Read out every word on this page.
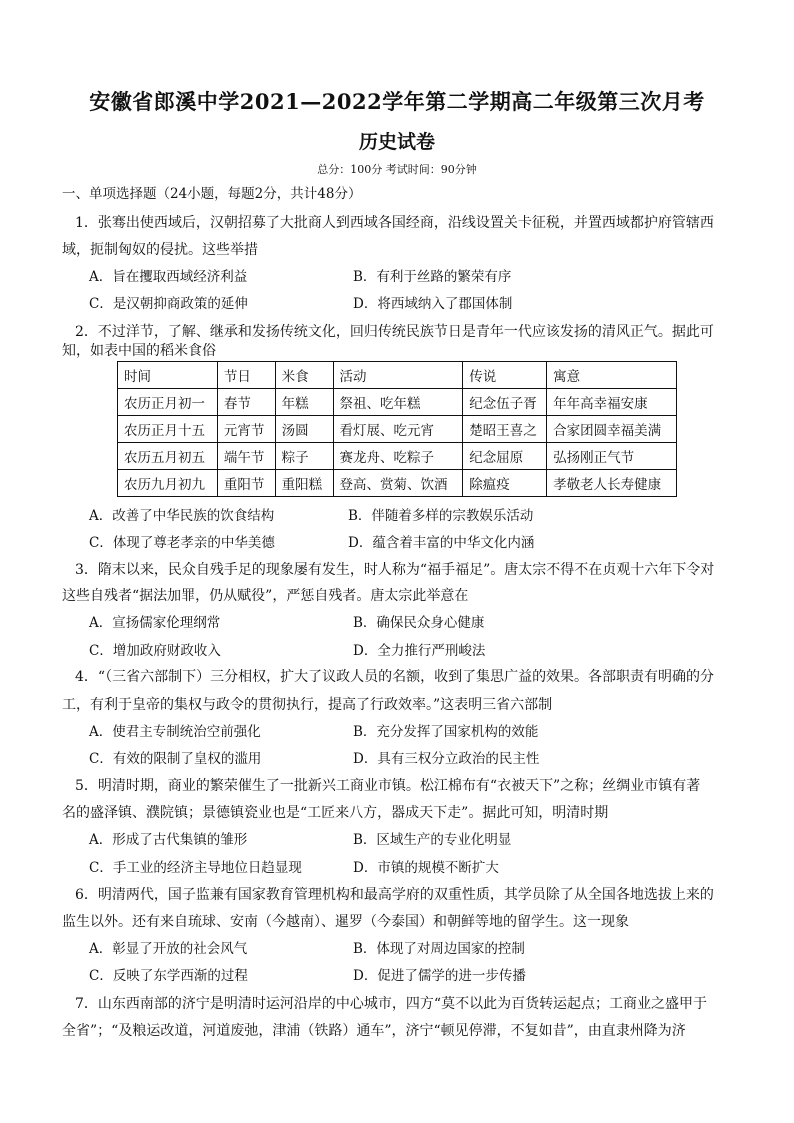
安徽省郎溪中学2021—2022学年第二学期高二年级第三次月考
历史试卷
总分：100分 考试时间：90分钟
一、单项选择题（24小题，每题2分，共计48分）
1．张骞出使西域后，汉朝招募了大批商人到西域各国经商，沿线设置关卡征税，并置西域都护府管辖西
域，扼制匈奴的侵扰。这些举措
A．旨在攫取西域经济利益	B．有利于丝路的繁荣有序
C．是汉朝抑商政策的延伸	D．将西域纳入了郡国体制
2．不过洋节，了解、继承和发扬传统文化，回归传统民族节日是青年一代应该发扬的清风正气。据此可
知，如表中国的稻米食俗
时间	节日	米食	活动	传说	寓意
农历正月初一	春节	年糕	祭祖、吃年糕	纪念伍子胥	年年高幸福安康
农历正月十五	元宵节	汤圆	看灯展、吃元宵	楚昭王喜之	合家团圆幸福美满
农历五月初五	端午节	粽子	赛龙舟、吃粽子	纪念屈原	弘扬刚正气节
农历九月初九	重阳节	重阳糕	登高、赏菊、饮酒	除瘟疫	孝敬老人长寿健康
A．改善了中华民族的饮食结构	B．伴随着多样的宗教娱乐活动
C．体现了尊老孝亲的中华美德	D．蕴含着丰富的中华文化内涵
3．隋末以来，民众自残手足的现象屡有发生，时人称为“福手福足”。唐太宗不得不在贞观十六年下令对
这些自残者“据法加罪，仍从赋役”，严惩自残者。唐太宗此举意在
A．宣扬儒家伦理纲常	B．确保民众身心健康
C．增加政府财政收入	D．全力推行严刑峻法
4．“（三省六部制下）三分相权，扩大了议政人员的名额，收到了集思广益的效果。各部职责有明确的分
工，有利于皇帝的集权与政令的贯彻执行，提高了行政效率。”这表明三省六部制
A．使君主专制统治空前强化	B．充分发挥了国家机构的效能
C．有效的限制了皇权的滥用	D．具有三权分立政治的民主性
5．明清时期，商业的繁荣催生了一批新兴工商业市镇。松江棉布有“衣被天下”之称；丝绸业市镇有著
名的盛泽镇、濮院镇；景德镇瓷业也是“工匠来八方，器成天下走”。据此可知，明清时期
A．形成了古代集镇的雏形	B．区域生产的专业化明显
C．手工业的经济主导地位日趋显现	D．市镇的规模不断扩大
6．明清两代，国子监兼有国家教育管理机构和最高学府的双重性质，其学员除了从全国各地选拔上来的
监生以外。还有来自琉球、安南（今越南）、暹罗（今泰国）和朝鲜等地的留学生。这一现象
A．彰显了开放的社会风气	B．体现了对周边国家的控制
C．反映了东学西渐的过程	D．促进了儒学的进一步传播
7．山东西南部的济宁是明清时运河沿岸的中心城市，四方“莫不以此为百货转运起点；工商业之盛甲于
全省”；“及粮运改道，河道废弛，津浦（铁路）通车”，济宁“顿见停滞，不复如昔”，由直隶州降为济
